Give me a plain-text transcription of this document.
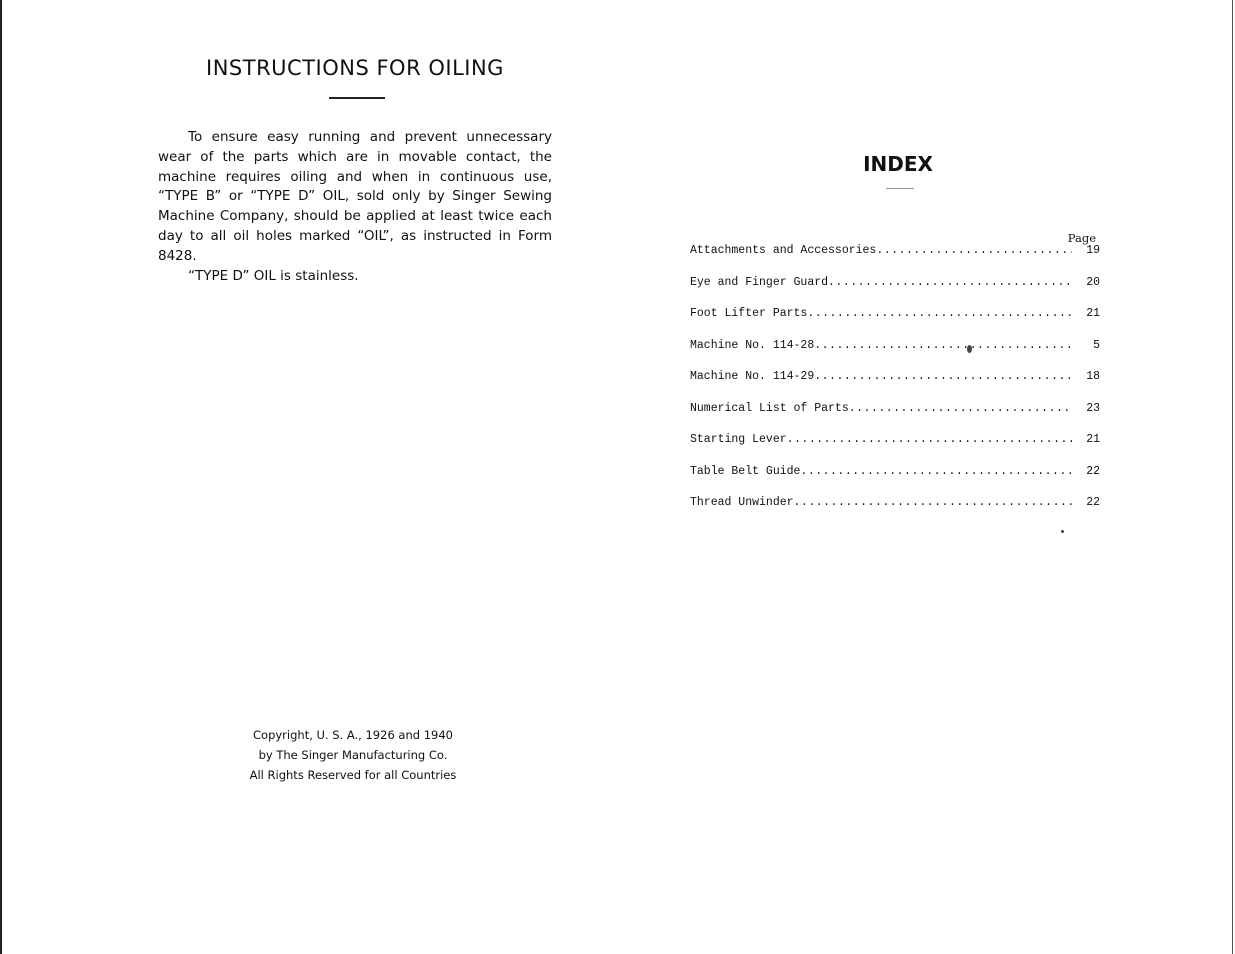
INSTRUCTIONS FOR OILING

To ensure easy running and prevent unnecessary wear of the parts which are in movable contact, the machine requires oiling and when in continuous use, “TYPE B” or “TYPE D” OIL, sold only by Singer Sewing Machine Company, should be applied at least twice each day to all oil holes marked “OIL”, as instructed in Form 8428.

“TYPE D” OIL is stainless.

Copyright, U. S. A., 1926 and 1940
by The Singer Manufacturing Co.
All Rights Reserved for all Countries
INDEX
Page
Attachments and Accessories .....	19
Eye and Finger Guard .....	20
Foot Lifter Parts .....	21
Machine No. 114-28 .....	5
Machine No. 114-29 .....	18
Numerical List of Parts .....	23
Starting Lever .....	21
Table Belt Guide .....	22
Thread Unwinder .....	22
